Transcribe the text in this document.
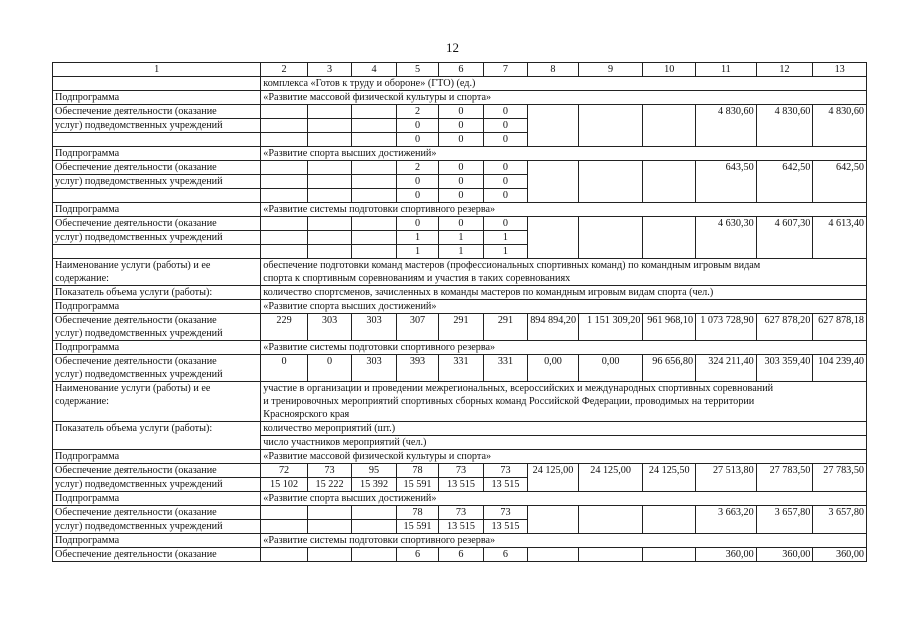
12
1	2	3	4	5	6	7	8	9	10	11	12	13
	комплекса «Готов к труду и обороне» (ГТО) (ед.)											
Подпрограмма	«Развитие массовой физической культуры и спорта»											
Обеспечение деятельности (оказание				2	0	0				4 830,60	4 830,60	4 830,60
услуг) подведомственных учреждений				0	0	0						
				0	0	0						
Подпрограмма	«Развитие спорта высших достижений»											
Обеспечение деятельности (оказание				2	0	0				643,50	642,50	642,50
услуг) подведомственных учреждений				0	0	0						
				0	0	0						
Подпрограмма	«Развитие системы подготовки спортивного резерва»											
Обеспечение деятельности (оказание				0	0	0				4 630,30	4 607,30	4 613,40
услуг) подведомственных учреждений				1	1	1						
				1	1	1						
Наименование услуги (работы) и ее
содержание:	обеспечение подготовки команд мастеров (профессиональных спортивных команд) по командным игровым видам
спорта к спортивным соревнованиям и участия в таких соревнованиях											
Показатель объема услуги (работы):	количество спортсменов, зачисленных в команды мастеров по командным игровым видам спорта (чел.)											
Подпрограмма	«Развитие спорта высших достижений»											
Обеспечение деятельности (оказание
услуг) подведомственных учреждений	229	303	303	307	291	291	894 894,20	1 151 309,20	961 968,10	1 073 728,90	627 878,20	627 878,18
Подпрограмма	«Развитие системы подготовки спортивного резерва»											
Обеспечение деятельности (оказание
услуг) подведомственных учреждений	0	0	303	393	331	331	0,00	0,00	96 656,80	324 211,40	303 359,40	104 239,40
Наименование услуги (работы) и ее
содержание:	участие в организации и проведении межрегиональных, всероссийских и международных спортивных соревнований
и тренировочных мероприятий спортивных сборных команд Российской Федерации, проводимых на территории
Красноярского края											
Показатель объема услуги (работы):	количество мероприятий (шт.)											
	число участников мероприятий (чел.)											
Подпрограмма	«Развитие массовой физической культуры и спорта»											
Обеспечение деятельности (оказание	72	73	95	78	73	73	24 125,00	24 125,00	24 125,50	27 513,80	27 783,50	27 783,50
услуг) подведомственных учреждений	15 102	15 222	15 392	15 591	13 515	13 515						
Подпрограмма	«Развитие спорта высших достижений»											
Обеспечение деятельности (оказание				78	73	73				3 663,20	3 657,80	3 657,80
услуг) подведомственных учреждений				15 591	13 515	13 515						
Подпрограмма	«Развитие системы подготовки спортивного резерва»											
Обеспечение деятельности (оказание				6	6	6				360,00	360,00	360,00
